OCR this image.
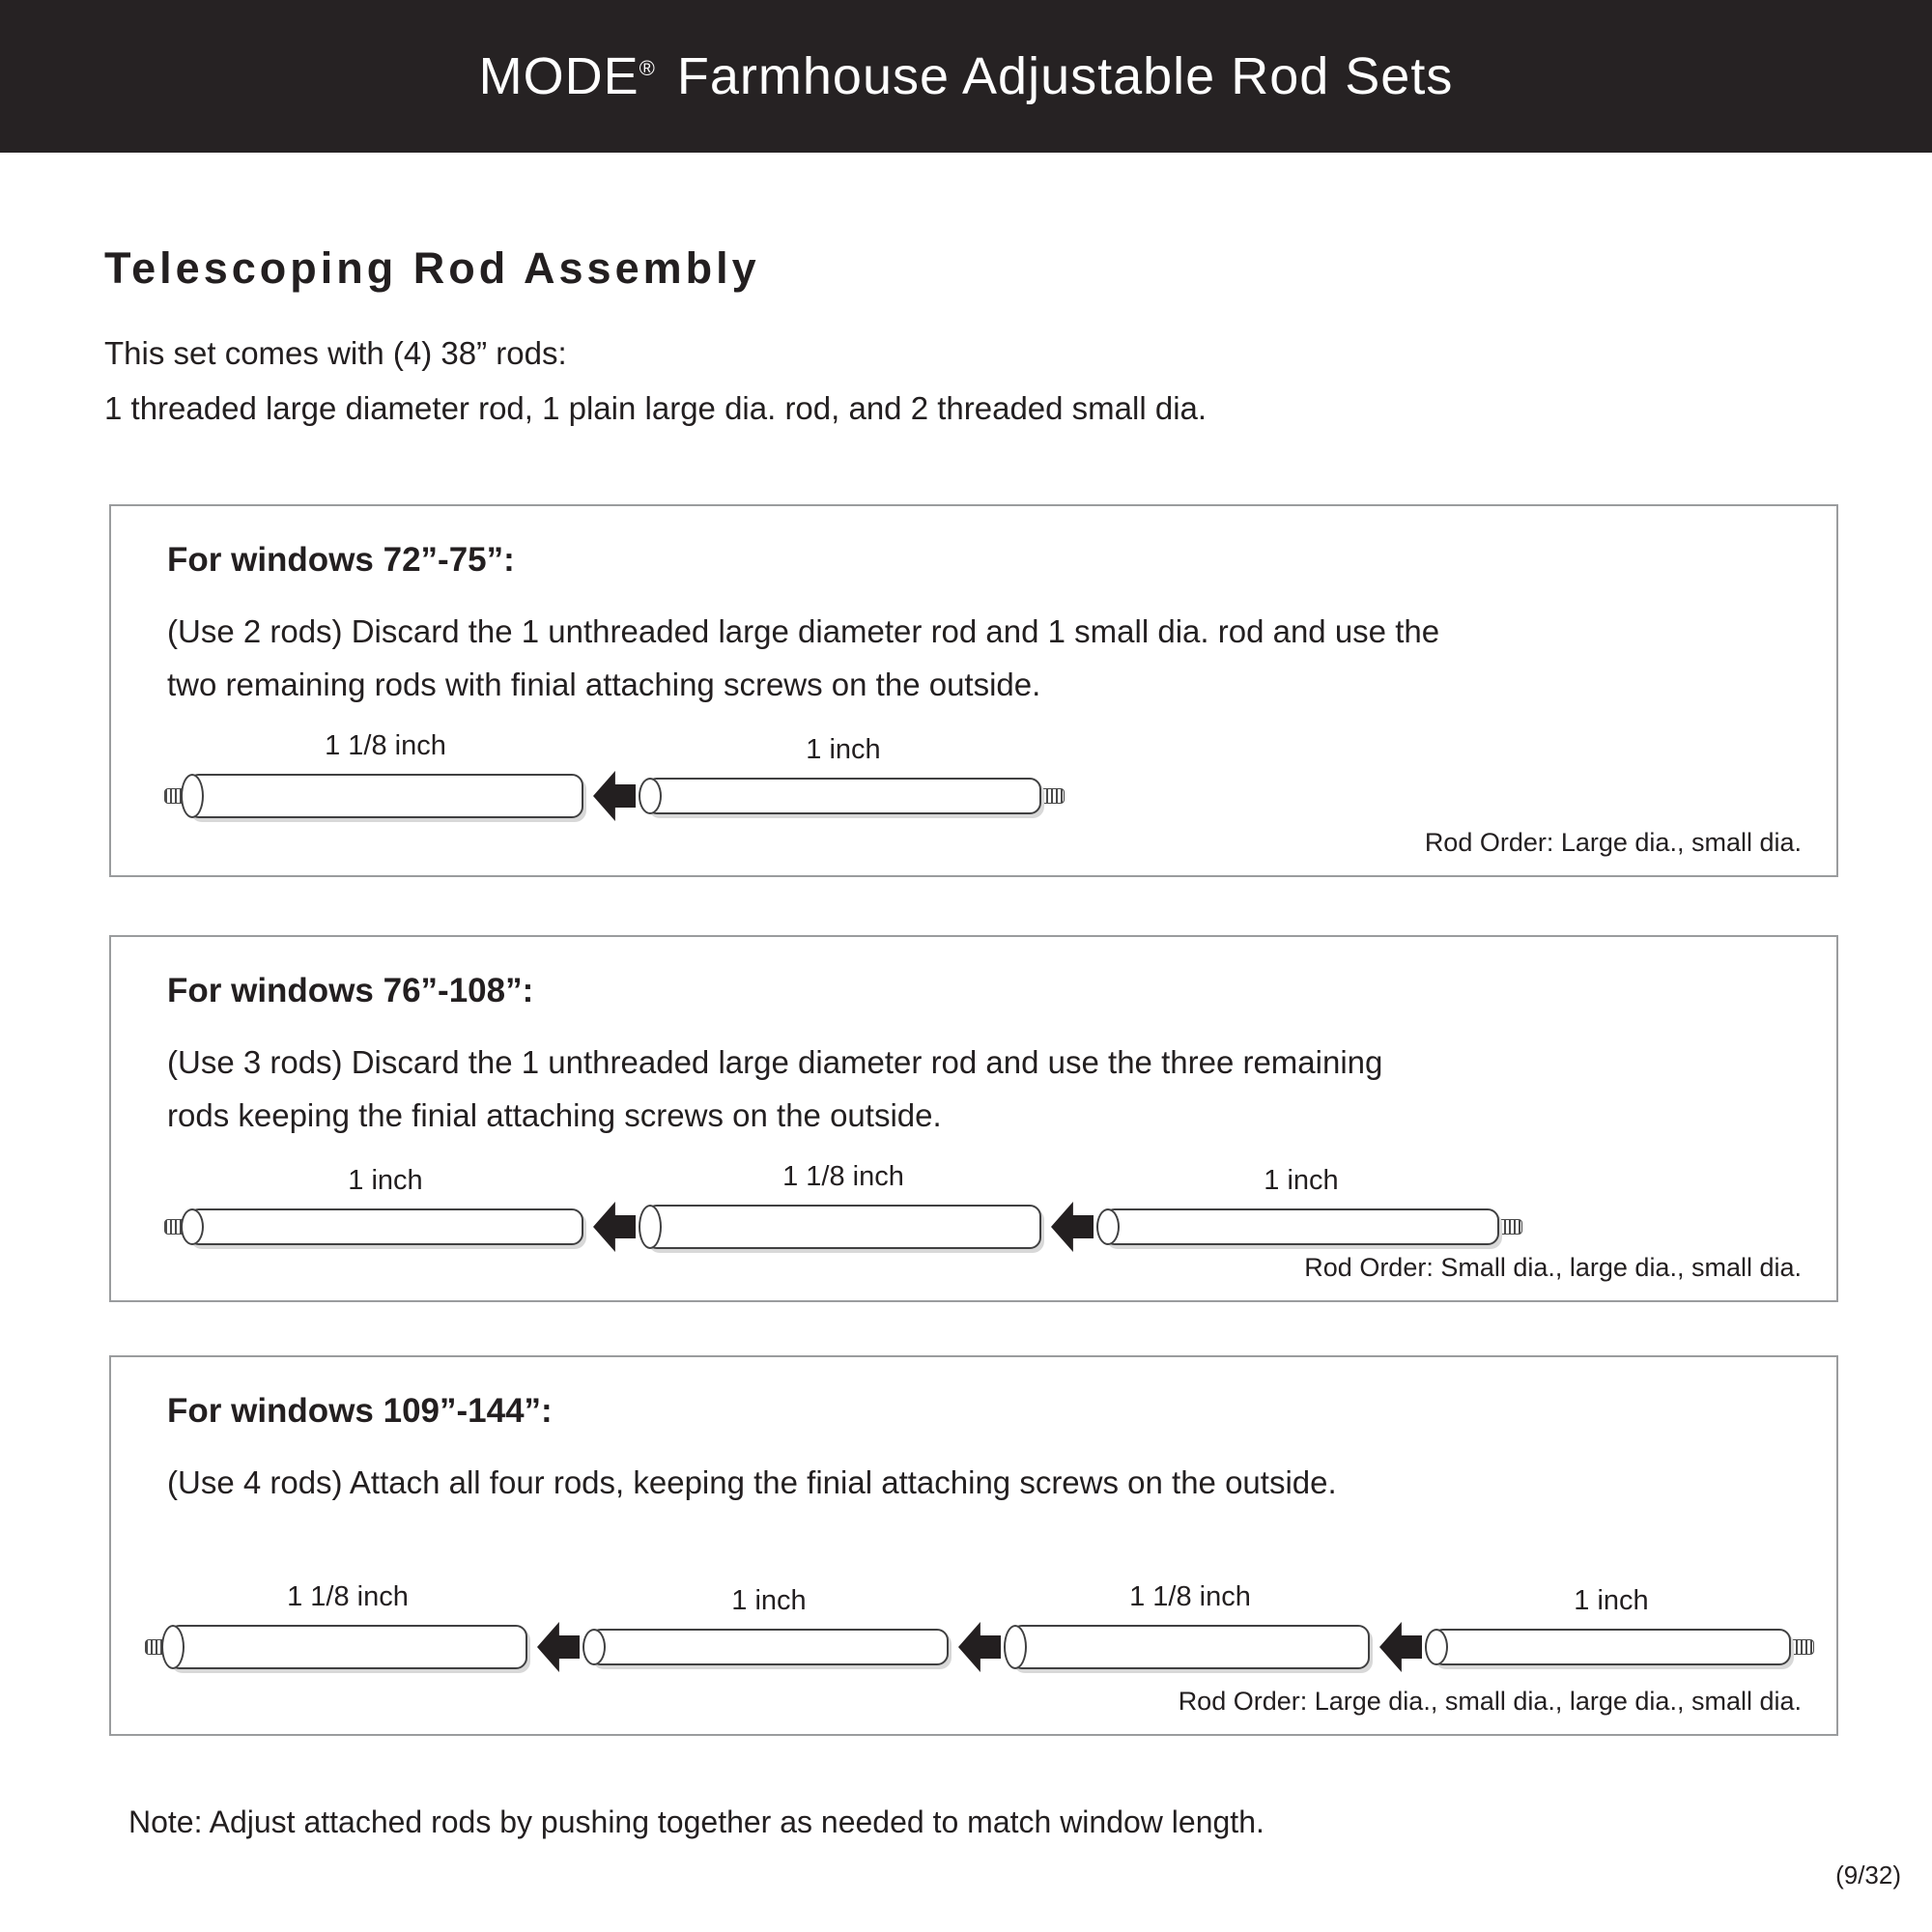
MODE® Farmhouse Adjustable Rod Sets
Telescoping Rod Assembly
This set comes with (4) 38” rods:
1 threaded large diameter rod, 1 plain large dia. rod, and 2 threaded small dia.
For windows 72”-75”:
(Use 2 rods) Discard the 1 unthreaded large diameter rod and 1 small dia. rod and use the
two remaining rods with finial attaching screws on the outside.
1 1/8 inch	1 inch
Rod Order: Large dia., small dia.
For windows 76”-108”:
(Use 3 rods) Discard the 1 unthreaded large diameter rod and use the three remaining
rods keeping the finial attaching screws on the outside.
1 inch	1 1/8 inch	1 inch
Rod Order: Small dia., large dia., small dia.
For windows 109”-144”:
(Use 4 rods) Attach all four rods, keeping the finial attaching screws on the outside.
1 1/8 inch	1 inch	1 1/8 inch	1 inch
Rod Order: Large dia., small dia., large dia., small dia.
Note: Adjust attached rods by pushing together as needed to match window length.
(9/32)
